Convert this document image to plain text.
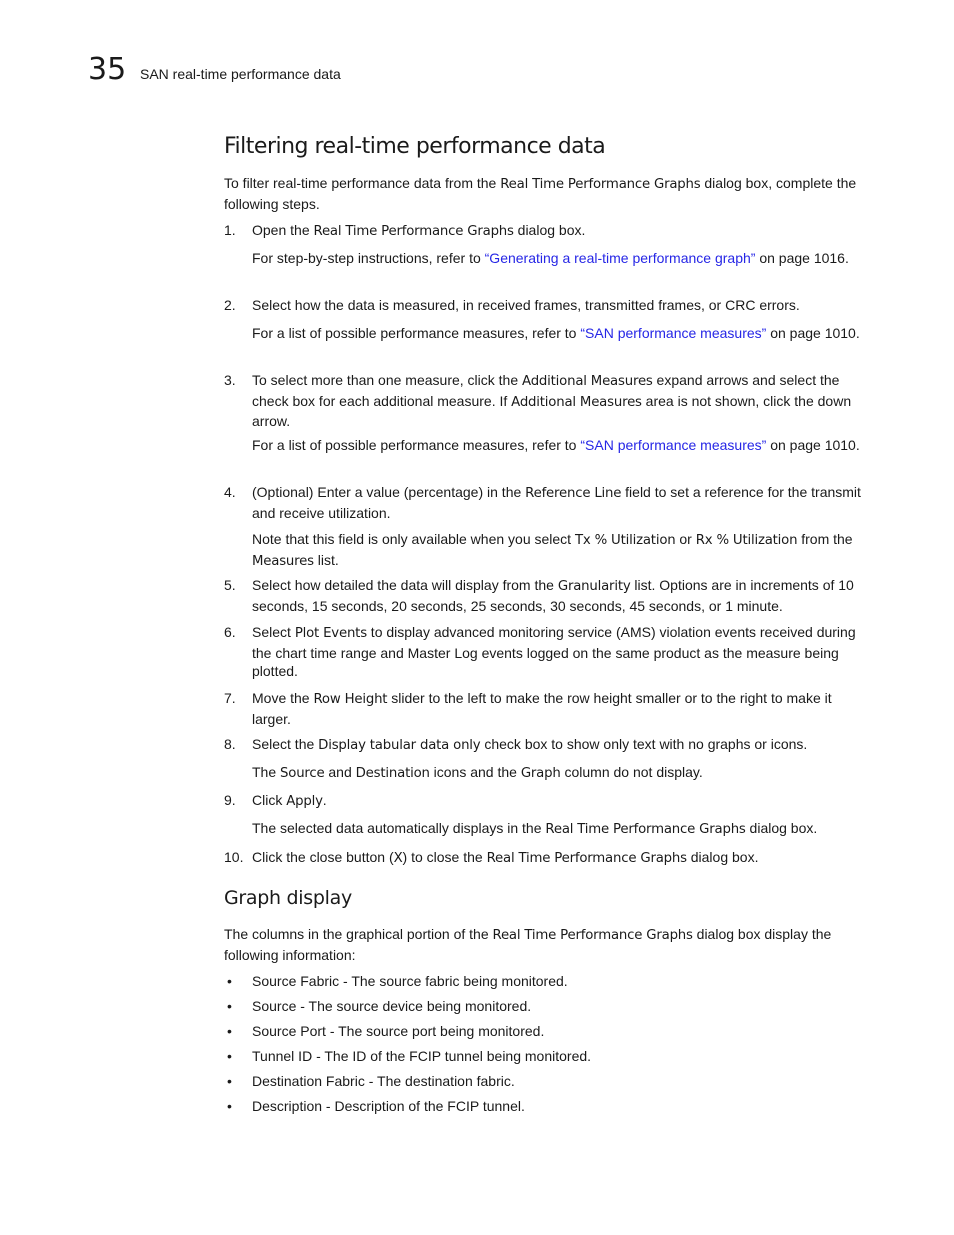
35 SAN real-time performance data
Filtering real-time performance data

To filter real-time performance data from the Real Time Performance Graphs dialog box, complete the following steps.

1.	Open the Real Time Performance Graphs dialog box.

For step-by-step instructions, refer to “Generating a real-time performance graph” on page 1016.

2.	Select how the data is measured, in received frames, transmitted frames, or CRC errors.

For a list of possible performance measures, refer to “SAN performance measures” on page 1010.

3.	To select more than one measure, click the Additional Measures expand arrows and select the check box for each additional measure. If Additional Measures area is not shown, click the down arrow.

For a list of possible performance measures, refer to “SAN performance measures” on page 1010.

4.	(Optional) Enter a value (percentage) in the Reference Line field to set a reference for the transmit and receive utilization.

Note that this field is only available when you select Tx % Utilization or Rx % Utilization from the Measures list.

5.	Select how detailed the data will display from the Granularity list. Options are in increments of 10 seconds, 15 seconds, 20 seconds, 25 seconds, 30 seconds, 45 seconds, or 1 minute.
6.	Select Plot Events to display advanced monitoring service (AMS) violation events received during the chart time range and Master Log events logged on the same product as the measure being plotted.
7.	Move the Row Height slider to the left to make the row height smaller or to the right to make it larger.
8.	Select the Display tabular data only check box to show only text with no graphs or icons.

The Source and Destination icons and the Graph column do not display.

9.	Click Apply.

The selected data automatically displays in the Real Time Performance Graphs dialog box.

10. Click the close button (X) to close the Real Time Performance Graphs dialog box.
Graph display

The columns in the graphical portion of the Real Time Performance Graphs dialog box display the following information:

• Source Fabric - The source fabric being monitored.
• Source - The source device being monitored.
• Source Port - The source port being monitored.
• Tunnel ID - The ID of the FCIP tunnel being monitored.
• Destination Fabric - The destination fabric.
• Description - Description of the FCIP tunnel.
